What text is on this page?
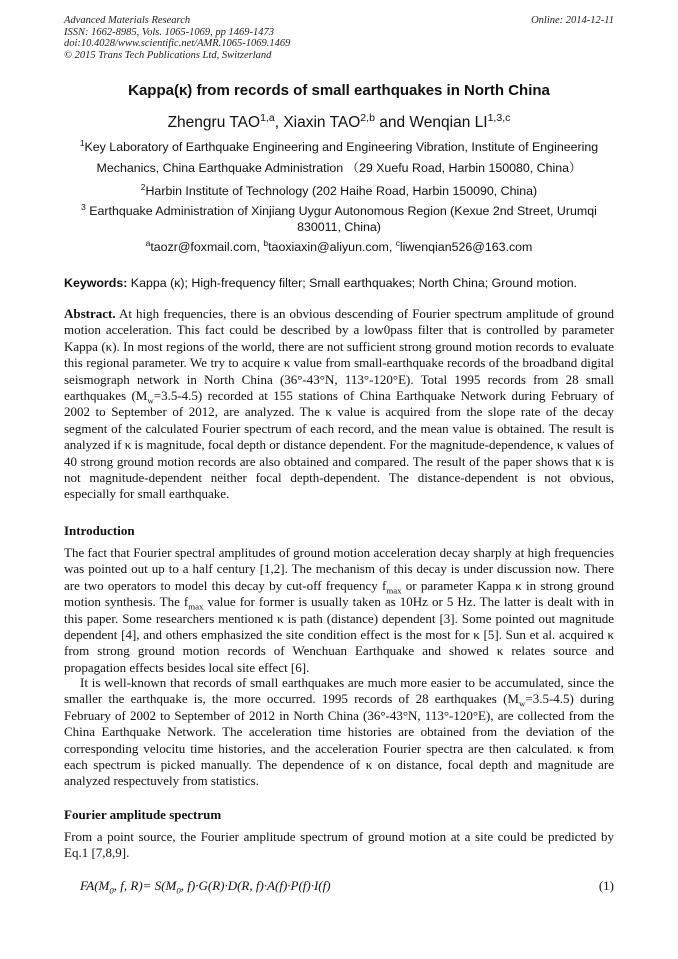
Advanced Materials Research
ISSN: 1662-8985, Vols. 1065-1069, pp 1469-1473
doi:10.4028/www.scientific.net/AMR.1065-1069.1469
© 2015 Trans Tech Publications Ltd, Switzerland
Online: 2014-12-11
Kappa(κ) from records of small earthquakes in North China
Zhengru TAO$^{1,a}$, Xiaxin TAO$^{2,b}$ and Wenqian LI$^{1,3,c}$
$^1$Key Laboratory of Earthquake Engineering and Engineering Vibration, Institute of Engineering
Mechanics, China Earthquake Administration （29 Xuefu Road, Harbin 150080, China）
$^2$Harbin Institute of Technology (202 Haihe Road, Harbin 150090, China)
$^3$ Earthquake Administration of Xinjiang Uygur Autonomous Region (Kexue 2nd Street, Urumqi
830011, China)
$^a$taozr@foxmail.com, $^b$taoxiaxin@aliyun.com, $^c$liwenqian526@163.com
Keywords: Kappa (κ); High-frequency filter; Small earthquakes; North China; Ground motion.
Abstract. At high frequencies, there is an obvious descending of Fourier spectrum amplitude of ground motion acceleration. This fact could be described by a low0pass filter that is controlled by parameter Kappa (κ). In most regions of the world, there are not sufficient strong ground motion records to evaluate this regional parameter. We try to acquire κ value from small-earthquake records of the broadband digital seismograph network in North China (36°-43°N, 113°-120°E). Total 1995 records from 28 small earthquakes $(M_w=3.5-4.5)$ recorded at 155 stations of China Earthquake Network during February of 2002 to September of 2012, are analyzed. The κ value is acquired from the slope rate of the decay segment of the calculated Fourier spectrum of each record, and the mean value is obtained. The result is analyzed if κ is magnitude, focal depth or distance dependent. For the magnitude-dependence, κ values of 40 strong ground motion records are also obtained and compared. The result of the paper shows that κ is not magnitude-dependent neither focal depth-dependent. The distance-dependent is not obvious, especially for small earthquake.
Introduction
The fact that Fourier spectral amplitudes of ground motion acceleration decay sharply at high frequencies was pointed out up to a half century [1,2]. The mechanism of this decay is under discussion now. There are two operators to model this decay by cut-off frequency $f_{max}$ or parameter Kappa κ in strong ground motion synthesis. The $f_{max}$ value for former is usually taken as 10Hz or 5 Hz. The latter is dealt with in this paper. Some researchers mentioned κ is path (distance) dependent [3]. Some pointed out magnitude dependent [4], and others emphasized the site condition effect is the most for κ [5]. Sun et al. acquired κ from strong ground motion records of Wenchuan Earthquake and showed κ relates source and propagation effects besides local site effect [6].
It is well-known that records of small earthquakes are much more easier to be accumulated, since the smaller the earthquake is, the more occurred. 1995 records of 28 earthquakes $(M_w=3.5-4.5)$ during February of 2002 to September of 2012 in North China (36°-43°N, 113°-120°E), are collected from the China Earthquake Network. The acceleration time histories are obtained from the deviation of the corresponding velocitu time histories, and the acceleration Fourier spectra are then calculated. κ from each spectrum is picked manually. The dependence of κ on distance, focal depth and magnitude are analyzed respectuvely from statistics.
Fourier amplitude spectrum
From a point source, the Fourier amplitude spectrum of ground motion at a site could be predicted by Eq.1 [7,8,9].
$FA(M_0$, f, $R)= S(M_0$, f)·G(R)·D(R, f)·A(f)·P(f)·I(f)	(1)
